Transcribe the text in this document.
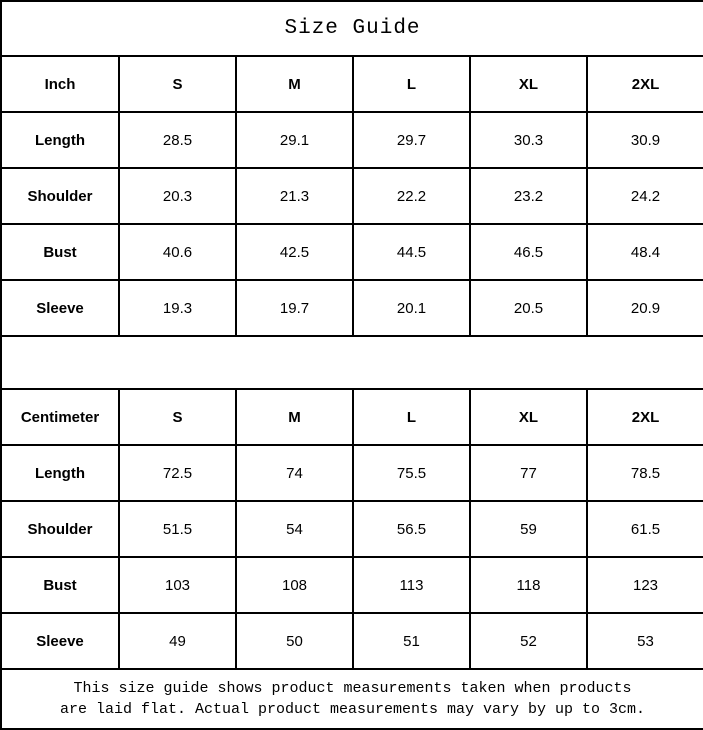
Size Guide					
Inch	S	M	L	XL	2XL
Length	28.5	29.1	29.7	30.3	30.9
Shoulder	20.3	21.3	22.2	23.2	24.2
Bust	40.6	42.5	44.5	46.5	48.4
Sleeve	19.3	19.7	20.1	20.5	20.9

Centimeter	S	M	L	XL	2XL
Length	72.5	74	75.5	77	78.5
Shoulder	51.5	54	56.5	59	61.5
Bust	103	108	113	118	123
Sleeve	49	50	51	52	53

This size guide shows product measurements taken when products
are laid flat. Actual product measurements may vary by up to 3cm.					
